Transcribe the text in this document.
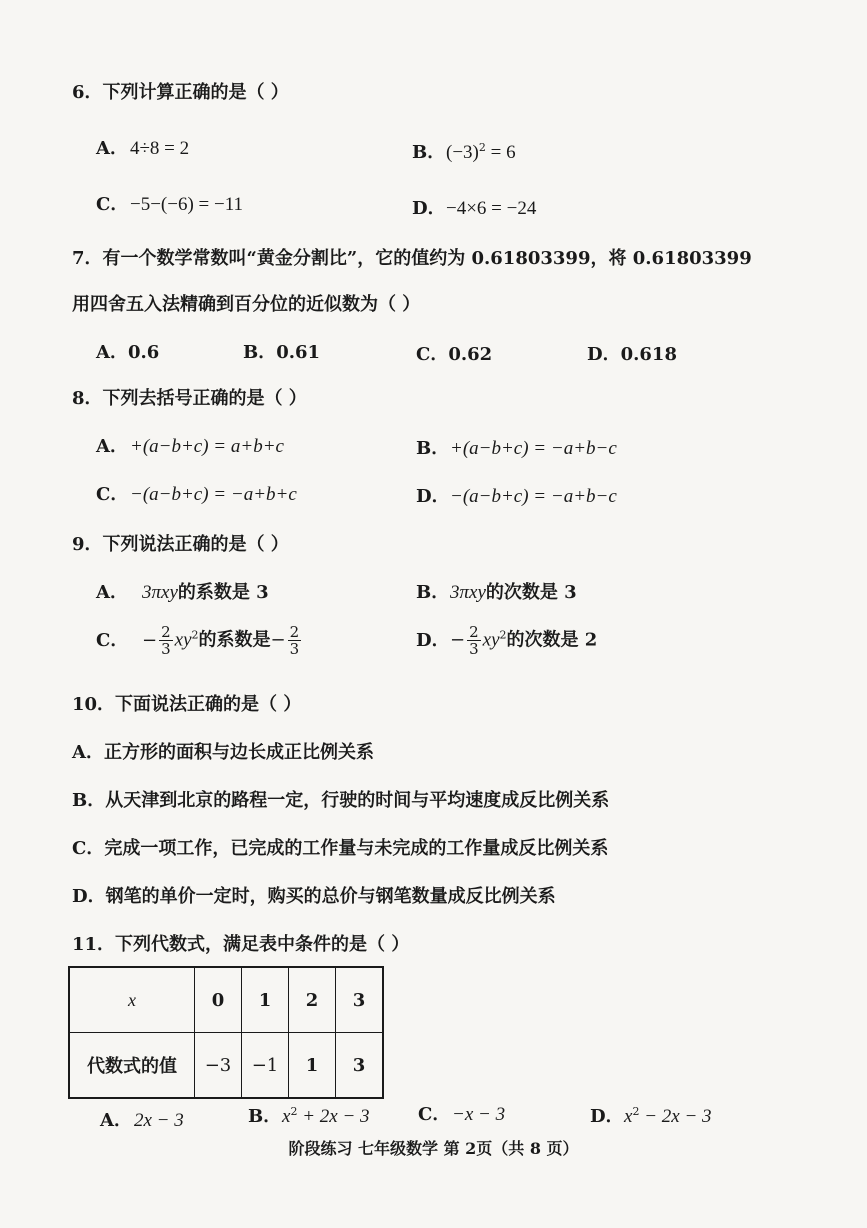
6．下列计算正确的是（ ）
A． 4÷8 = 2	B．$(-3)^2 = 6$
C．−5−(−6) = −11	D．−4×6 = −24
7．有一个数学常数叫“黄金分割比”，它的值约为 0.61803399，将 0.61803399
用四舍五入法精确到百分位的近似数为（ ）
A．0.6	B．0.61	C．0.62	D．0.618
8．下列去括号正确的是（ ）
A． +(a−b+c) = a+b+c	B．+(a−b+c) = −a+b−c
C．−(a−b+c) = −a+b+c	D．−(a−b+c) = −a+b−c
9．下列说法正确的是（ ）
A． 3πxy的系数是 3	B．3πxy的次数是 3
C． − $\frac{2}{3} xy^2$的系数是− $\frac{2}{3}$	D．− $\frac{2}{3} xy^2$的次数是 2
10．下面说法正确的是（ ）
A．正方形的面积与边长成正比例关系
B．从天津到北京的路程一定，行驶的时间与平均速度成反比例关系
C．完成一项工作，已完成的工作量与未完成的工作量成反比例关系
D．钢笔的单价一定时，购买的总价与钢笔数量成反比例关系
11．下列代数式，满足表中条件的是（ ）
x	0	1	2	3
代数式的值	−3	−1	1	3
A． 2x − 3	B．$x^2 + 2x - 3$	C．−x − 3	D．$x^2 - 2x - 3$
阶段练习 七年级数学 第 2页（共 8 页）
